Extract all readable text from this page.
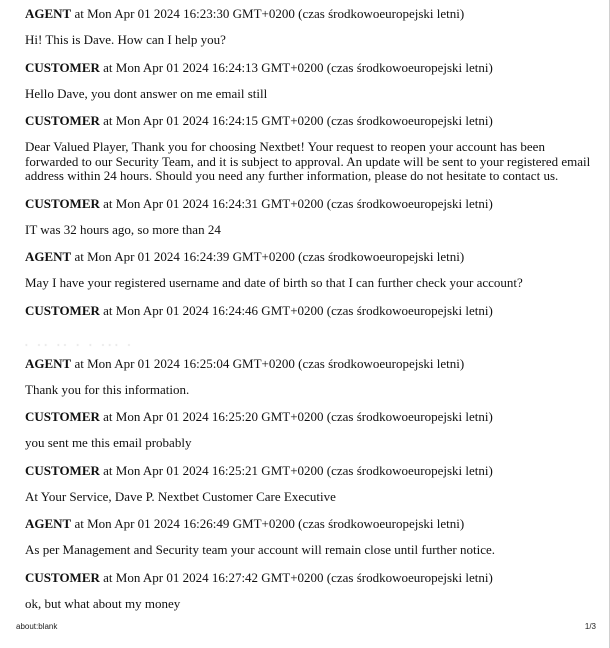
AGENT at Mon Apr 01 2024 16:23:30 GMT+0200 (czas środkowoeuropejski letni)

Hi! This is Dave. How can I help you?

CUSTOMER at Mon Apr 01 2024 16:24:13 GMT+0200 (czas środkowoeuropejski letni)

Hello Dave, you dont answer on me email still

CUSTOMER at Mon Apr 01 2024 16:24:15 GMT+0200 (czas środkowoeuropejski letni)

Dear Valued Player, Thank you for choosing Nextbet! Your request to reopen your account has been forwarded to our Security Team, and it is subject to approval. An update will be sent to your registered email address within 24 hours. Should you need any further information, please do not hesitate to contact us.

CUSTOMER at Mon Apr 01 2024 16:24:31 GMT+0200 (czas środkowoeuropejski letni)

IT was 32 hours ago, so more than 24

AGENT at Mon Apr 01 2024 16:24:39 GMT+0200 (czas środkowoeuropejski letni)

May I have your registered username and date of birth so that I can further check your account?

CUSTOMER at Mon Apr 01 2024 16:24:46 GMT+0200 (czas środkowoeuropejski letni)

· ·· ·· · · ··· ·

AGENT at Mon Apr 01 2024 16:25:04 GMT+0200 (czas środkowoeuropejski letni)

Thank you for this information.

CUSTOMER at Mon Apr 01 2024 16:25:20 GMT+0200 (czas środkowoeuropejski letni)

you sent me this email probably

CUSTOMER at Mon Apr 01 2024 16:25:21 GMT+0200 (czas środkowoeuropejski letni)

At Your Service, Dave P. Nextbet Customer Care Executive

AGENT at Mon Apr 01 2024 16:26:49 GMT+0200 (czas środkowoeuropejski letni)

As per Management and Security team your account will remain close until further notice.

CUSTOMER at Mon Apr 01 2024 16:27:42 GMT+0200 (czas środkowoeuropejski letni)

ok, but what about my money

about:blank	1/3
